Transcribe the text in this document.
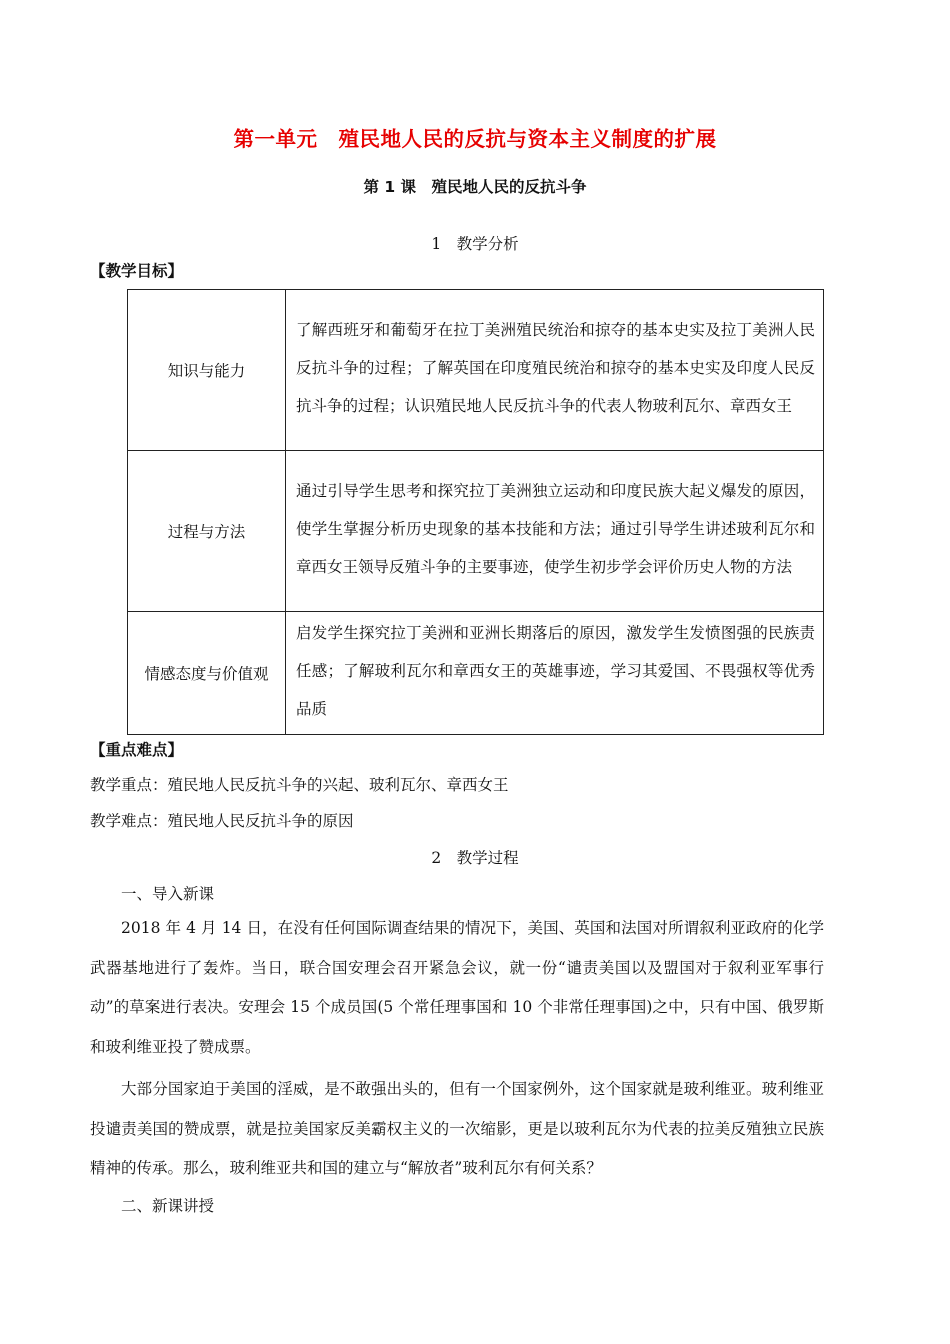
第一单元　殖民地人民的反抗与资本主义制度的扩展
第 1 课　殖民地人民的反抗斗争
1　教学分析
【教学目标】
知识与能力	了解西班牙和葡萄牙在拉丁美洲殖民统治和掠夺的基本史实及拉丁美洲人民反抗斗争的过程；了解英国在印度殖民统治和掠夺的基本史实及印度人民反抗斗争的过程；认识殖民地人民反抗斗争的代表人物玻利瓦尔、章西女王
过程与方法	通过引导学生思考和探究拉丁美洲独立运动和印度民族大起义爆发的原因，使学生掌握分析历史现象的基本技能和方法；通过引导学生讲述玻利瓦尔和章西女王领导反殖斗争的主要事迹，使学生初步学会评价历史人物的方法
情感态度与价值观	启发学生探究拉丁美洲和亚洲长期落后的原因，激发学生发愤图强的民族责任感；了解玻利瓦尔和章西女王的英雄事迹，学习其爱国、不畏强权等优秀品质
【重点难点】
教学重点：殖民地人民反抗斗争的兴起、玻利瓦尔、章西女王
教学难点：殖民地人民反抗斗争的原因
2　教学过程
一、导入新课
2018 年 4 月 14 日，在没有任何国际调查结果的情况下，美国、英国和法国对所谓叙利亚政府的化学武器基地进行了轰炸。当日，联合国安理会召开紧急会议，就一份“谴责美国以及盟国对于叙利亚军事行动”的草案进行表决。安理会 15 个成员国(5 个常任理事国和 10 个非常任理事国)之中，只有中国、俄罗斯和玻利维亚投了赞成票。
大部分国家迫于美国的淫威，是不敢强出头的，但有一个国家例外，这个国家就是玻利维亚。玻利维亚投谴责美国的赞成票，就是拉美国家反美霸权主义的一次缩影，更是以玻利瓦尔为代表的拉美反殖独立民族精神的传承。那么，玻利维亚共和国的建立与“解放者”玻利瓦尔有何关系？
二、新课讲授
